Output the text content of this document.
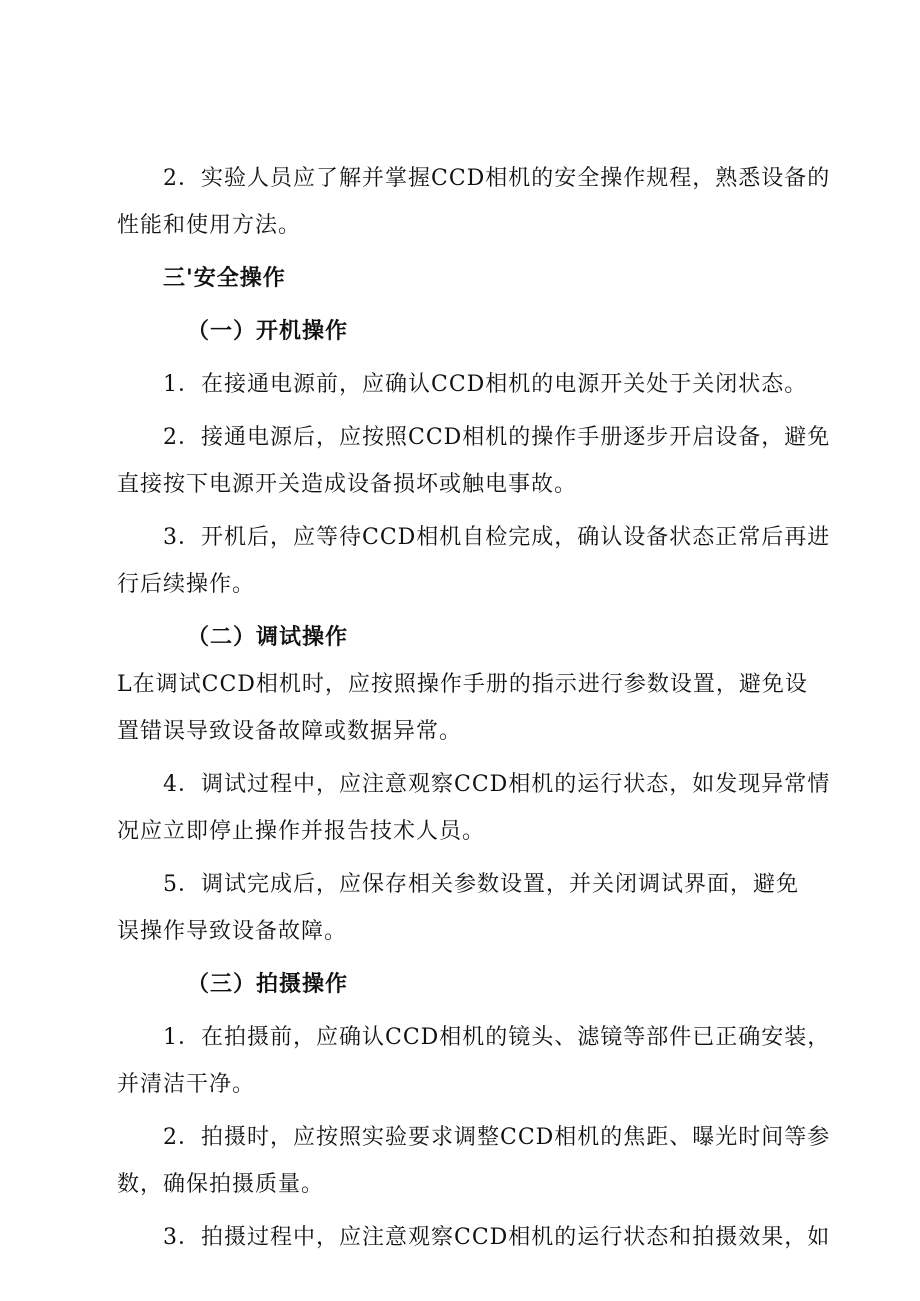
2．实验人员应了解并掌握CCD相机的安全操作规程，熟悉设备的
性能和使用方法。
三'安全操作
（一）开机操作
1．在接通电源前，应确认CCD相机的电源开关处于关闭状态。
2．接通电源后，应按照CCD相机的操作手册逐步开启设备，避免
直接按下电源开关造成设备损坏或触电事故。
3．开机后，应等待CCD相机自检完成，确认设备状态正常后再进
行后续操作。
（二）调试操作
L在调试CCD相机时，应按照操作手册的指示进行参数设置，避免设
置错误导致设备故障或数据异常。
4．调试过程中，应注意观察CCD相机的运行状态，如发现异常情
况应立即停止操作并报告技术人员。
5．调试完成后，应保存相关参数设置，并关闭调试界面，避免
误操作导致设备故障。
（三）拍摄操作
1．在拍摄前，应确认CCD相机的镜头、滤镜等部件已正确安装，
并清洁干净。
2．拍摄时，应按照实验要求调整CCD相机的焦距、曝光时间等参
数，确保拍摄质量。
3．拍摄过程中，应注意观察CCD相机的运行状态和拍摄效果，如
